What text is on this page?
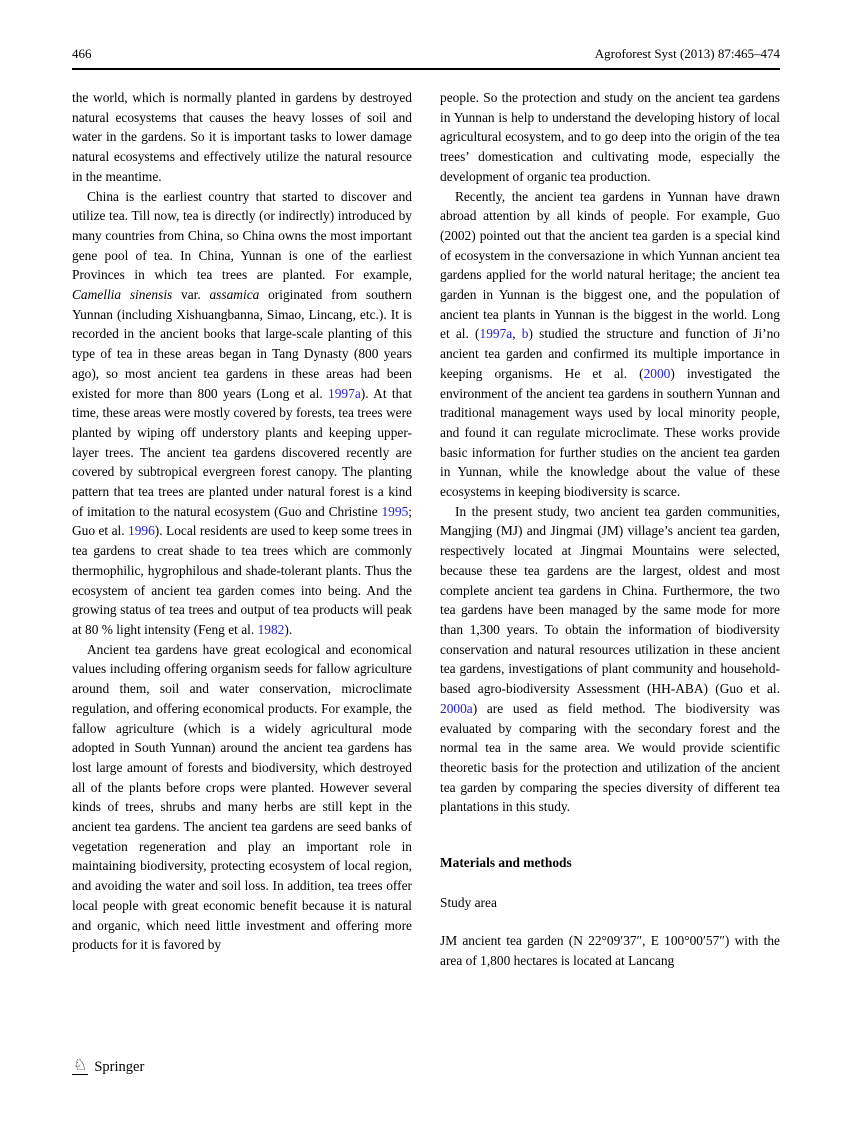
466	Agroforest Syst (2013) 87:465–474

the world, which is normally planted in gardens by destroyed natural ecosystems that causes the heavy losses of soil and water in the gardens. So it is important tasks to lower damage natural ecosystems and effectively utilize the natural resource in the meantime.

China is the earliest country that started to discover and utilize tea. Till now, tea is directly (or indirectly) introduced by many countries from China, so China owns the most important gene pool of tea. In China, Yunnan is one of the earliest Provinces in which tea trees are planted. For example, Camellia sinensis var. assamica originated from southern Yunnan (including Xishuangbanna, Simao, Lincang, etc.). It is recorded in the ancient books that large-scale planting of this type of tea in these areas began in Tang Dynasty (800 years ago), so most ancient tea gardens in these areas had been existed for more than 800 years (Long et al. 1997a). At that time, these areas were mostly covered by forests, tea trees were planted by wiping off understory plants and keeping upper-layer trees. The ancient tea gardens discovered recently are covered by subtropical evergreen forest canopy. The planting pattern that tea trees are planted under natural forest is a kind of imitation to the natural ecosystem (Guo and Christine 1995; Guo et al. 1996). Local residents are used to keep some trees in tea gardens to creat shade to tea trees which are commonly thermophilic, hygrophilous and shade-tolerant plants. Thus the ecosystem of ancient tea garden comes into being. And the growing status of tea trees and output of tea products will peak at 80 % light intensity (Feng et al. 1982).

Ancient tea gardens have great ecological and economical values including offering organism seeds for fallow agriculture around them, soil and water conservation, microclimate regulation, and offering economical products. For example, the fallow agriculture (which is a widely agricultural mode adopted in South Yunnan) around the ancient tea gardens has lost large amount of forests and biodiversity, which destroyed all of the plants before crops were planted. However several kinds of trees, shrubs and many herbs are still kept in the ancient tea gardens. The ancient tea gardens are seed banks of vegetation regeneration and play an important role in maintaining biodiversity, protecting ecosystem of local region, and avoiding the water and soil loss. In addition, tea trees offer local people with great economic benefit because it is natural and organic, which need little investment and offering more products for it is favored by

people. So the protection and study on the ancient tea gardens in Yunnan is help to understand the developing history of local agricultural ecosystem, and to go deep into the origin of the tea trees’ domestication and cultivating mode, especially the development of organic tea production.

Recently, the ancient tea gardens in Yunnan have drawn abroad attention by all kinds of people. For example, Guo (2002) pointed out that the ancient tea garden is a special kind of ecosystem in the conversazione in which Yunnan ancient tea gardens applied for the world natural heritage; the ancient tea garden in Yunnan is the biggest one, and the population of ancient tea plants in Yunnan is the biggest in the world. Long et al. (1997a, b) studied the structure and function of Ji’no ancient tea garden and confirmed its multiple importance in keeping organisms. He et al. (2000) investigated the environment of the ancient tea gardens in southern Yunnan and traditional management ways used by local minority people, and found it can regulate microclimate. These works provide basic information for further studies on the ancient tea garden in Yunnan, while the knowledge about the value of these ecosystems in keeping biodiversity is scarce.

In the present study, two ancient tea garden communities, Mangjing (MJ) and Jingmai (JM) village’s ancient tea garden, respectively located at Jingmai Mountains were selected, because these tea gardens are the largest, oldest and most complete ancient tea gardens in China. Furthermore, the two tea gardens have been managed by the same mode for more than 1,300 years. To obtain the information of biodiversity conservation and natural resources utilization in these ancient tea gardens, investigations of plant community and household-based agro-biodiversity Assessment (HH-ABA) (Guo et al. 2000a) are used as field method. The biodiversity was evaluated by comparing with the secondary forest and the normal tea in the same area. We would provide scientific theoretic basis for the protection and utilization of the ancient tea garden by comparing the species diversity of different tea plantations in this study.

Materials and methods
Study area

JM ancient tea garden (N 22°09′37″, E 100°00′57″) with the area of 1,800 hectares is located at Lancang

♘ Springer
